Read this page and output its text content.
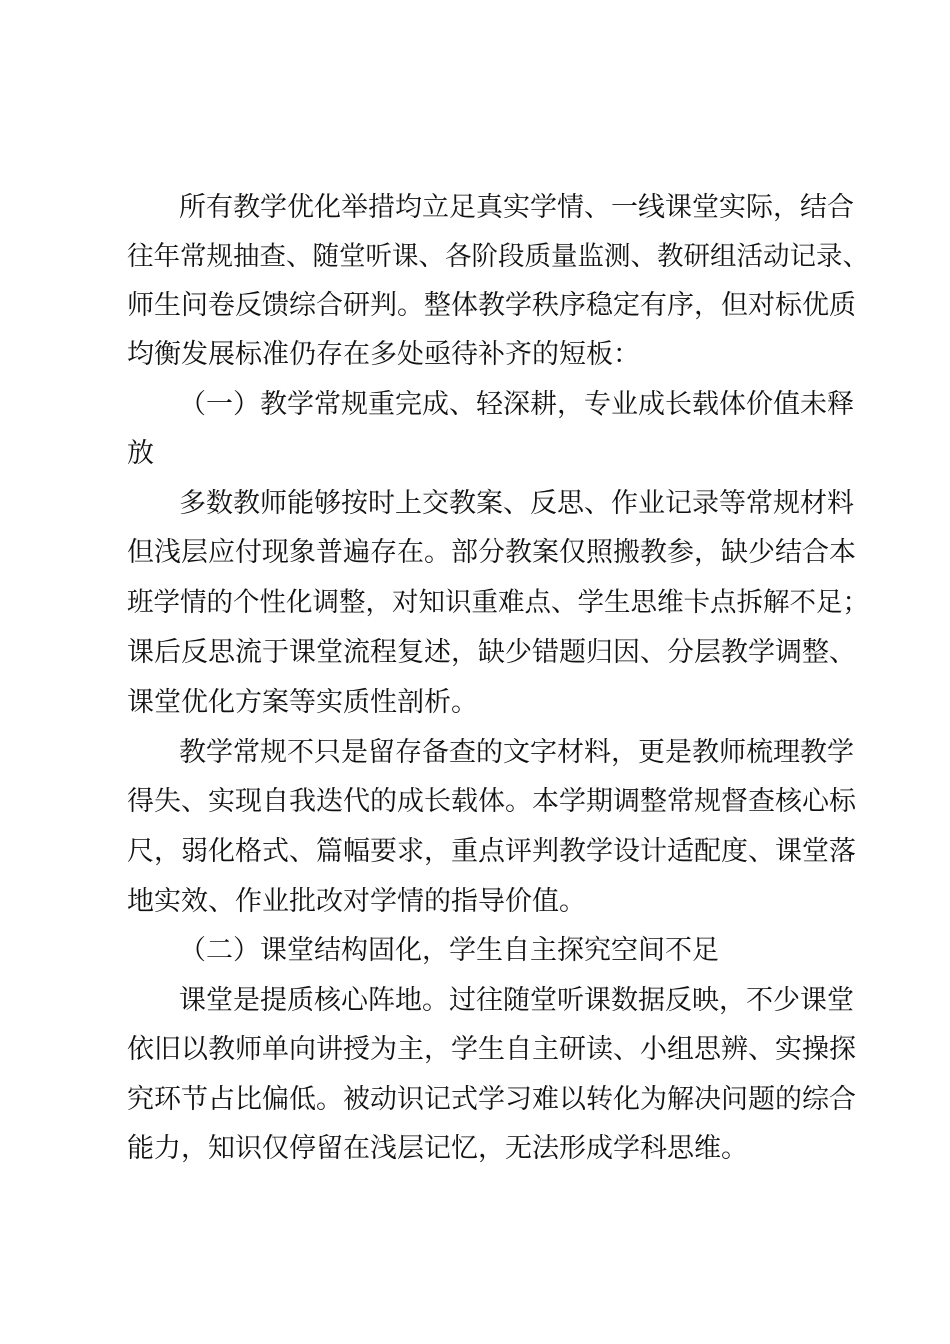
所有教学优化举措均立足真实学情、一线课堂实际，结合
往年常规抽查、随堂听课、各阶段质量监测、教研组活动记录、
师生问卷反馈综合研判。整体教学秩序稳定有序，但对标优质
均衡发展标准仍存在多处亟待补齐的短板：
（一）教学常规重完成、轻深耕，专业成长载体价值未释
放
多数教师能够按时上交教案、反思、作业记录等常规材料
但浅层应付现象普遍存在。部分教案仅照搬教参，缺少结合本
班学情的个性化调整，对知识重难点、学生思维卡点拆解不足；
课后反思流于课堂流程复述，缺少错题归因、分层教学调整、
课堂优化方案等实质性剖析。
教学常规不只是留存备查的文字材料，更是教师梳理教学
得失、实现自我迭代的成长载体。本学期调整常规督查核心标
尺，弱化格式、篇幅要求，重点评判教学设计适配度、课堂落
地实效、作业批改对学情的指导价值。
（二）课堂结构固化，学生自主探究空间不足
课堂是提质核心阵地。过往随堂听课数据反映，不少课堂
依旧以教师单向讲授为主，学生自主研读、小组思辨、实操探
究环节占比偏低。被动识记式学习难以转化为解决问题的综合
能力，知识仅停留在浅层记忆，无法形成学科思维。
